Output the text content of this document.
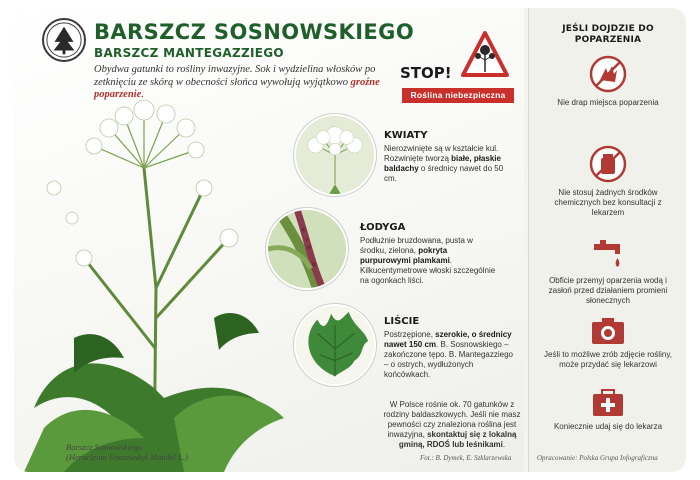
BARSZCZ SOSNOWSKIEGO
BARSZCZ MANTEGAZZIEGO
Obydwa gatunki to rośliny inwazyjne. Sok i wydzielina włosków po zetknięciu ze skórą w obecności słońca wywołują wyjątkowo groźne poparzenie.
STOP!
Roślina niebezpieczna
Barszcz Sosnowskiego
(Heracleum Sosnowskyi Mandel L.)
KWIATY
Nierozwinięte są w kształcie kul. Rozwinięte tworzą białe, płaskie baldachy o średnicy nawet do 50 cm.
ŁODYGA
Podłużnie bruzdowana, pusta w środku, zielona, pokryta purpurowymi plamkami. Kilkucentymetrowe włoski szczególnie na ogonkach liści.
LIŚCIE
Postrzępione, szerokie, o średnicy nawet 150 cm. B. Sosnowskiego – zakończone tępo. B. Mantegazziego – o ostrych, wydłużonych końcówkach.
W Polsce rośnie ok. 70 gatunków z rodziny baldaszkowych. Jeśli nie masz pewności czy znaleziona roślina jest inwazyjna, skontaktuj się z lokalną gminą, RDOŚ lub leśnikami.
Fot.: B. Dymek, E. Szklarzewska
JEŚLI DOJDZIE DO POPARZENIA
Nie drap miejsca poparzenia
Nie stosuj żadnych środków chemicznych bez konsultacji z lekarzem
Obficie przemyj oparzenia wodą i zasłoń przed działaniem promieni słonecznych
Jeśli to możliwe zrób zdjęcie rośliny, może przydać się lekarzowi
Koniecznie udaj się do lekarza
Opracowanie: Polska Grupa Infograficzna
